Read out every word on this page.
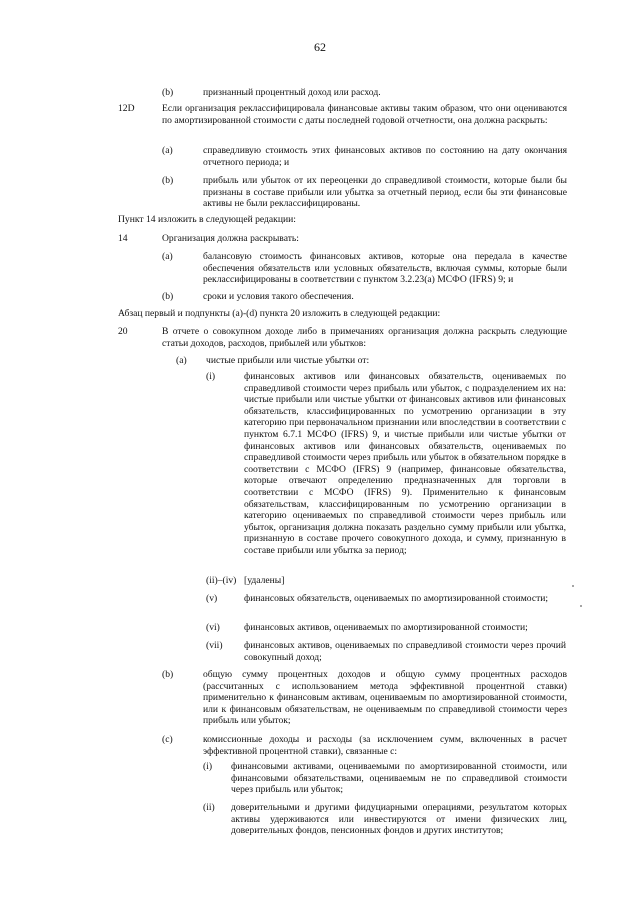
62
(b)	признанный процентный доход или расход.
12D	Если организация реклассифицировала финансовые активы таким образом, что они оцениваются по амортизированной стоимости с даты последней годовой отчетности, она должна раскрыть:
(a)	справедливую стоимость этих финансовых активов по состоянию на дату окончания отчетного периода; и
(b)	прибыль или убыток от их переоценки до справедливой стоимости, которые были бы признаны в составе прибыли или убытка за отчетный период, если бы эти финансовые активы не были реклассифицированы.
Пункт 14 изложить в следующей редакции:
14	Организация должна раскрывать:
(a)	балансовую стоимость финансовых активов, которые она передала в качестве обеспечения обязательств или условных обязательств, включая суммы, которые были реклассифицированы в соответствии с пунктом 3.2.23(a) МСФО (IFRS) 9; и
(b)	сроки и условия такого обеспечения.
Абзац первый и подпункты (a)-(d) пункта 20 изложить в следующей редакции:
20	В отчете о совокупном доходе либо в примечаниях организация должна раскрыть следующие статьи доходов, расходов, прибылей или убытков:
(a) чистые прибыли или чистые убытки от:
(i)	финансовых активов или финансовых обязательств, оцениваемых по справедливой стоимости через прибыль или убыток, с подразделением их на: чистые прибыли или чистые убытки от финансовых активов или финансовых обязательств, классифицированных по усмотрению организации в эту категорию при первоначальном признании или впоследствии в соответствии с пунктом 6.7.1 МСФО (IFRS) 9, и чистые прибыли или чистые убытки от финансовых активов или финансовых обязательств, оцениваемых по справедливой стоимости через прибыль или убыток в обязательном порядке в соответствии с МСФО (IFRS) 9 (например, финансовые обязательства, которые отвечают определению предназначенных для торговли в соответствии с МСФО (IFRS) 9). Применительно к финансовым обязательствам, классифицированным по усмотрению организации в категорию оцениваемых по справедливой стоимости через прибыль или убыток, организация должна показать раздельно сумму прибыли или убытка, признанную в составе прочего совокупного дохода, и сумму, признанную в составе прибыли или убытка за период;
(ii)–(iv) [удалены]
(v)	финансовых обязательств, оцениваемых по амортизированной стоимости;
(vi)	финансовых активов, оцениваемых по амортизированной стоимости;
(vii) финансовых активов, оцениваемых по справедливой стоимости через прочий совокупный доход;
(b)	общую сумму процентных доходов и общую сумму процентных расходов (рассчитанных с использованием метода эффективной процентной ставки) применительно к финансовым активам, оцениваемым по амортизированной стоимости, или к финансовым обязательствам, не оцениваемым по справедливой стоимости через прибыль или убыток;
(c)	комиссионные доходы и расходы (за исключением сумм, включенных в расчет эффективной процентной ставки), связанные с:
(i) финансовыми активами, оцениваемыми по амортизированной стоимости, или финансовыми обязательствами, оцениваемым не по справедливой стоимости через прибыль или убыток;
(ii) доверительными и другими фидуциарными операциями, результатом которых активы удерживаются или инвестируются от имени физических лиц, доверительных фондов, пенсионных фондов и других институтов;
